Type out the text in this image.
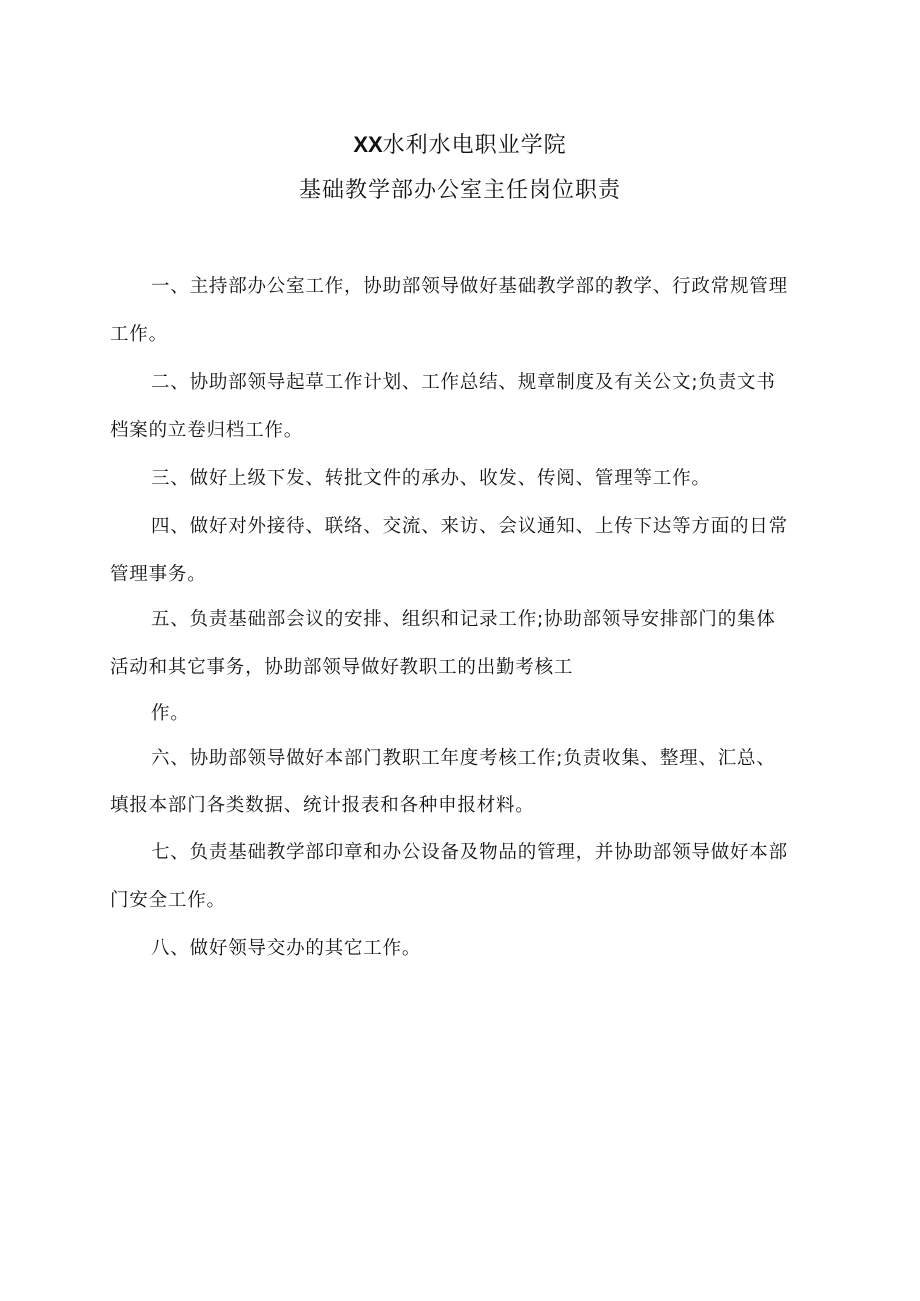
XX水利水电职业学院
基础教学部办公室主任岗位职责
一、主持部办公室工作，协助部领导做好基础教学部的教学、行政常规管理
工作。
二、协助部领导起草工作计划、工作总结、规章制度及有关公文;负责文书
档案的立卷归档工作。
三、做好上级下发、转批文件的承办、收发、传阅、管理等工作。
四、做好对外接待、联络、交流、来访、会议通知、上传下达等方面的日常
管理事务。
五、负责基础部会议的安排、组织和记录工作;协助部领导安排部门的集体
活动和其它事务，协助部领导做好教职工的出勤考核工
作。
六、协助部领导做好本部门教职工年度考核工作;负责收集、整理、汇总、
填报本部门各类数据、统计报表和各种申报材料。
七、负责基础教学部印章和办公设备及物品的管理，并协助部领导做好本部
门安全工作。
八、做好领导交办的其它工作。
